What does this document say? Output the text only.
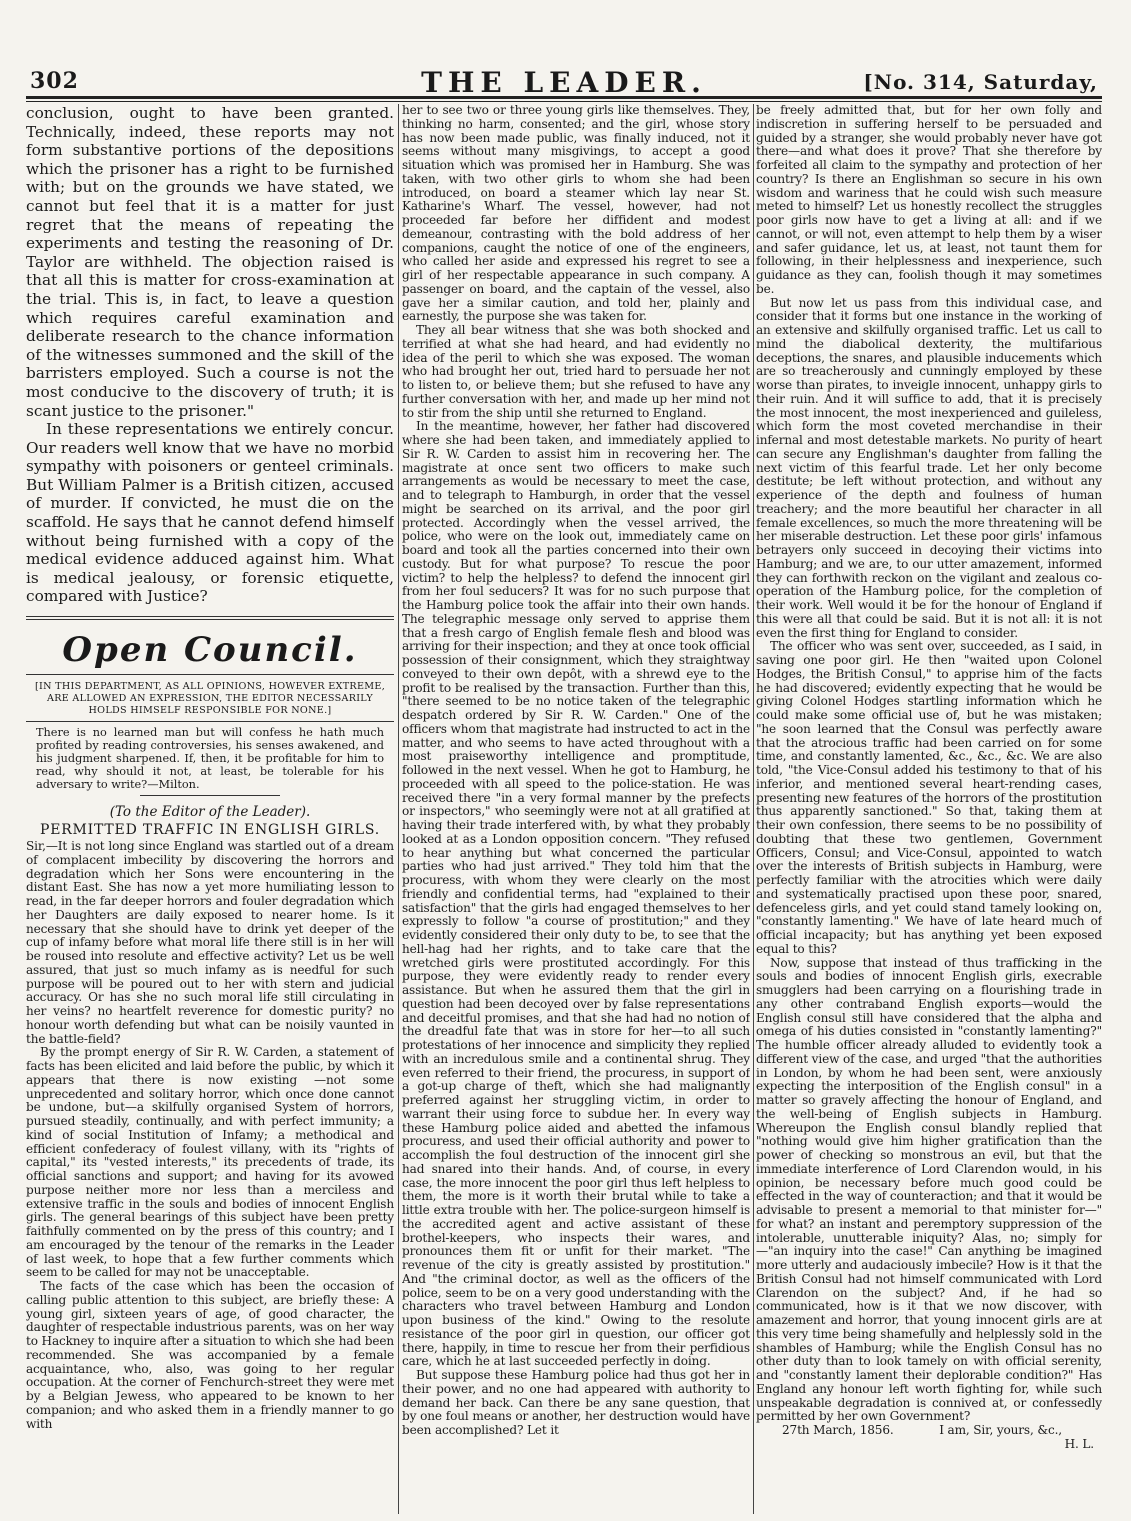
302	THE LEADER.	[No. 314, Saturday,

conclusion, ought to have been granted. Technically, indeed, these reports may not form substantive portions of the depositions which the prisoner has a right to be furnished with; but on the grounds we have stated, we cannot but feel that it is a matter for just regret that the means of repeating the experiments and testing the reasoning of Dr. Taylor are withheld. The objection raised is that all this is matter for cross-examination at the trial. This is, in fact, to leave a question which requires careful examination and deliberate research to the chance information of the witnesses summoned and the skill of the barristers employed. Such a course is not the most conducive to the discovery of truth; it is scant justice to the prisoner."

In these representations we entirely concur. Our readers well know that we have no morbid sympathy with poisoners or genteel criminals. But William Palmer is a British citizen, accused of murder. If convicted, he must die on the scaffold. He says that he cannot defend himself without being furnished with a copy of the medical evidence adduced against him. What is medical jealousy, or forensic etiquette, compared with Justice?

Open Council.
[IN THIS DEPARTMENT, AS ALL OPINIONS, HOWEVER EXTREME, ARE ALLOWED AN EXPRESSION, THE EDITOR NECESSARILY HOLDS HIMSELF RESPONSIBLE FOR NONE.]
There is no learned man but will confess he hath much profited by reading controversies, his senses awakened, and his judgment sharpened. If, then, it be profitable for him to read, why should it not, at least, be tolerable for his adversary to write?—Milton.
(To the Editor of the Leader).
PERMITTED TRAFFIC IN ENGLISH GIRLS.

Sir,—It is not long since England was startled out of a dream of complacent imbecility by discovering the horrors and degradation which her Sons were encountering in the distant East. She has now a yet more humiliating lesson to read, in the far deeper horrors and fouler degradation which her Daughters are daily exposed to nearer home. Is it necessary that she should have to drink yet deeper of the cup of infamy before what moral life there still is in her will be roused into resolute and effective activity? Let us be well assured, that just so much infamy as is needful for such purpose will be poured out to her with stern and judicial accuracy. Or has she no such moral life still circulating in her veins? no heartfelt reverence for domestic purity? no honour worth defending but what can be noisily vaunted in the battle-field?

By the prompt energy of Sir R. W. Carden, a statement of facts has been elicited and laid before the public, by which it appears that there is now existing —not some unprecedented and solitary horror, which once done cannot be undone, but—a skilfully organised System of horrors, pursued steadily, continually, and with perfect immunity; a kind of social Institution of Infamy; a methodical and efficient confederacy of foulest villany, with its "rights of capital," its "vested interests," its precedents of trade, its official sanctions and support; and having for its avowed purpose neither more nor less than a merciless and extensive traffic in the souls and bodies of innocent English girls. The general bearings of this subject have been pretty faithfully commented on by the press of this country; and I am encouraged by the tenour of the remarks in the Leader of last week, to hope that a few further comments which seem to be called for may not be unacceptable.

The facts of the case which has been the occasion of calling public attention to this subject, are briefly these: A young girl, sixteen years of age, of good character, the daughter of respectable industrious parents, was on her way to Hackney to inquire after a situation to which she had been recommended. She was accompanied by a female acquaintance, who, also, was going to her regular occupation. At the corner of Fenchurch-street they were met by a Belgian Jewess, who appeared to be known to her companion; and who asked them in a friendly manner to go with

her to see two or three young girls like themselves. They, thinking no harm, consented; and the girl, whose story has now been made public, was finally induced, not it seems without many misgivings, to accept a good situation which was promised her in Hamburg. She was taken, with two other girls to whom she had been introduced, on board a steamer which lay near St. Katharine's Wharf. The vessel, however, had not proceeded far before her diffident and modest demeanour, contrasting with the bold address of her companions, caught the notice of one of the engineers, who called her aside and expressed his regret to see a girl of her respectable appearance in such company. A passenger on board, and the captain of the vessel, also gave her a similar caution, and told her, plainly and earnestly, the purpose she was taken for.

They all bear witness that she was both shocked and terrified at what she had heard, and had evidently no idea of the peril to which she was exposed. The woman who had brought her out, tried hard to persuade her not to listen to, or believe them; but she refused to have any further conversation with her, and made up her mind not to stir from the ship until she returned to England.

In the meantime, however, her father had discovered where she had been taken, and immediately applied to Sir R. W. Carden to assist him in recovering her. The magistrate at once sent two officers to make such arrangements as would be necessary to meet the case, and to telegraph to Hamburgh, in order that the vessel might be searched on its arrival, and the poor girl protected. Accordingly when the vessel arrived, the police, who were on the look out, immediately came on board and took all the parties concerned into their own custody. But for what purpose? To rescue the poor victim? to help the helpless? to defend the innocent girl from her foul seducers? It was for no such purpose that the Hamburg police took the affair into their own hands. The telegraphic message only served to apprise them that a fresh cargo of English female flesh and blood was arriving for their inspection; and they at once took official possession of their consignment, which they straightway conveyed to their own depôt, with a shrewd eye to the profit to be realised by the transaction. Further than this, "there seemed to be no notice taken of the telegraphic despatch ordered by Sir R. W. Carden." One of the officers whom that magistrate had instructed to act in the matter, and who seems to have acted throughout with a most praiseworthy intelligence and promptitude, followed in the next vessel. When he got to Hamburg, he proceeded with all speed to the police-station. He was received there "in a very formal manner by the prefects or inspectors," who seemingly were not at all gratified at having their trade interfered with, by what they probably looked at as a London opposition concern. "They refused to hear anything but what concerned the particular parties who had just arrived." They told him that the procuress, with whom they were clearly on the most friendly and confidential terms, had "explained to their satisfaction" that the girls had engaged themselves to her expressly to follow "a course of prostitution;" and they evidently considered their only duty to be, to see that the hell-hag had her rights, and to take care that the wretched girls were prostituted accordingly. For this purpose, they were evidently ready to render every assistance. But when he assured them that the girl in question had been decoyed over by false representations and deceitful promises, and that she had had no notion of the dreadful fate that was in store for her—to all such protestations of her innocence and simplicity they replied with an incredulous smile and a continental shrug. They even referred to their friend, the procuress, in support of a got-up charge of theft, which she had malignantly preferred against her struggling victim, in order to warrant their using force to subdue her. In every way these Hamburg police aided and abetted the infamous procuress, and used their official authority and power to accomplish the foul destruction of the innocent girl she had snared into their hands. And, of course, in every case, the more innocent the poor girl thus left helpless to them, the more is it worth their brutal while to take a little extra trouble with her. The police-surgeon himself is the accredited agent and active assistant of these brothel-keepers, who inspects their wares, and pronounces them fit or unfit for their market. "The revenue of the city is greatly assisted by prostitution." And "the criminal doctor, as well as the officers of the police, seem to be on a very good understanding with the characters who travel between Hamburg and London upon business of the kind." Owing to the resolute resistance of the poor girl in question, our officer got there, happily, in time to rescue her from their perfidious care, which he at last succeeded perfectly in doing.

But suppose these Hamburg police had thus got her in their power, and no one had appeared with authority to demand her back. Can there be any sane question, that by one foul means or another, her destruction would have been accomplished? Let it

be freely admitted that, but for her own folly and indiscretion in suffering herself to be persuaded and guided by a stranger, she would probably never have got there—and what does it prove? That she therefore by forfeited all claim to the sympathy and protection of her country? Is there an Englishman so secure in his own wisdom and wariness that he could wish such measure meted to himself? Let us honestly recollect the struggles poor girls now have to get a living at all: and if we cannot, or will not, even attempt to help them by a wiser and safer guidance, let us, at least, not taunt them for following, in their helplessness and inexperience, such guidance as they can, foolish though it may sometimes be.

But now let us pass from this individual case, and consider that it forms but one instance in the working of an extensive and skilfully organised traffic. Let us call to mind the diabolical dexterity, the multifarious deceptions, the snares, and plausible inducements which are so treacherously and cunningly employed by these worse than pirates, to inveigle innocent, unhappy girls to their ruin. And it will suffice to add, that it is precisely the most innocent, the most inexperienced and guileless, which form the most coveted merchandise in their infernal and most detestable markets. No purity of heart can secure any Englishman's daughter from falling the next victim of this fearful trade. Let her only become destitute; be left without protection, and without any experience of the depth and foulness of human treachery; and the more beautiful her character in all female excellences, so much the more threatening will be her miserable destruction. Let these poor girls' infamous betrayers only succeed in decoying their victims into Hamburg; and we are, to our utter amazement, informed they can forthwith reckon on the vigilant and zealous co-operation of the Hamburg police, for the completion of their work. Well would it be for the honour of England if this were all that could be said. But it is not all: it is not even the first thing for England to consider.

The officer who was sent over, succeeded, as I said, in saving one poor girl. He then "waited upon Colonel Hodges, the British Consul," to apprise him of the facts he had discovered; evidently expecting that he would be giving Colonel Hodges startling information which he could make some official use of, but he was mistaken; "he soon learned that the Consul was perfectly aware that the atrocious traffic had been carried on for some time, and constantly lamented, &c., &c., &c. We are also told, "the Vice-Consul added his testimony to that of his inferior, and mentioned several heart-rending cases, presenting new features of the horrors of the prostitution thus apparently sanctioned." So that, taking them at their own confession, there seems to be no possibility of doubting that these two gentlemen, Government Officers, Consul; and Vice-Consul, appointed to watch over the interests of British subjects in Hamburg, were perfectly familiar with the atrocities which were daily and systematically practised upon these poor, snared, defenceless girls, and yet could stand tamely looking on, "constantly lamenting." We have of late heard much of official incapacity; but has anything yet been exposed equal to this?

Now, suppose that instead of thus trafficking in the souls and bodies of innocent English girls, execrable smugglers had been carrying on a flourishing trade in any other contraband English exports—would the English consul still have considered that the alpha and omega of his duties consisted in "constantly lamenting?" The humble officer already alluded to evidently took a different view of the case, and urged "that the authorities in London, by whom he had been sent, were anxiously expecting the interposition of the English consul" in a matter so gravely affecting the honour of England, and the well-being of English subjects in Hamburg. Whereupon the English consul blandly replied that "nothing would give him higher gratification than the power of checking so monstrous an evil, but that the immediate interference of Lord Clarendon would, in his opinion, be necessary before much good could be effected in the way of counteraction; and that it would be advisable to present a memorial to that minister for—" for what? an instant and peremptory suppression of the intolerable, unutterable iniquity? Alas, no; simply for—"an inquiry into the case!" Can anything be imagined more utterly and audaciously imbecile? How is it that the British Consul had not himself communicated with Lord Clarendon on the subject? And, if he had so communicated, how is it that we now discover, with amazement and horror, that young innocent girls are at this very time being shamefully and helplessly sold in the shambles of Hamburg; while the English Consul has no other duty than to look tamely on with official serenity, and "constantly lament their deplorable condition?" Has England any honour left worth fighting for, while such unspeakable degradation is connived at, or confessedly permitted by her own Government?

27th March, 1856.	I am, Sir, yours, &c.,
H. L.
